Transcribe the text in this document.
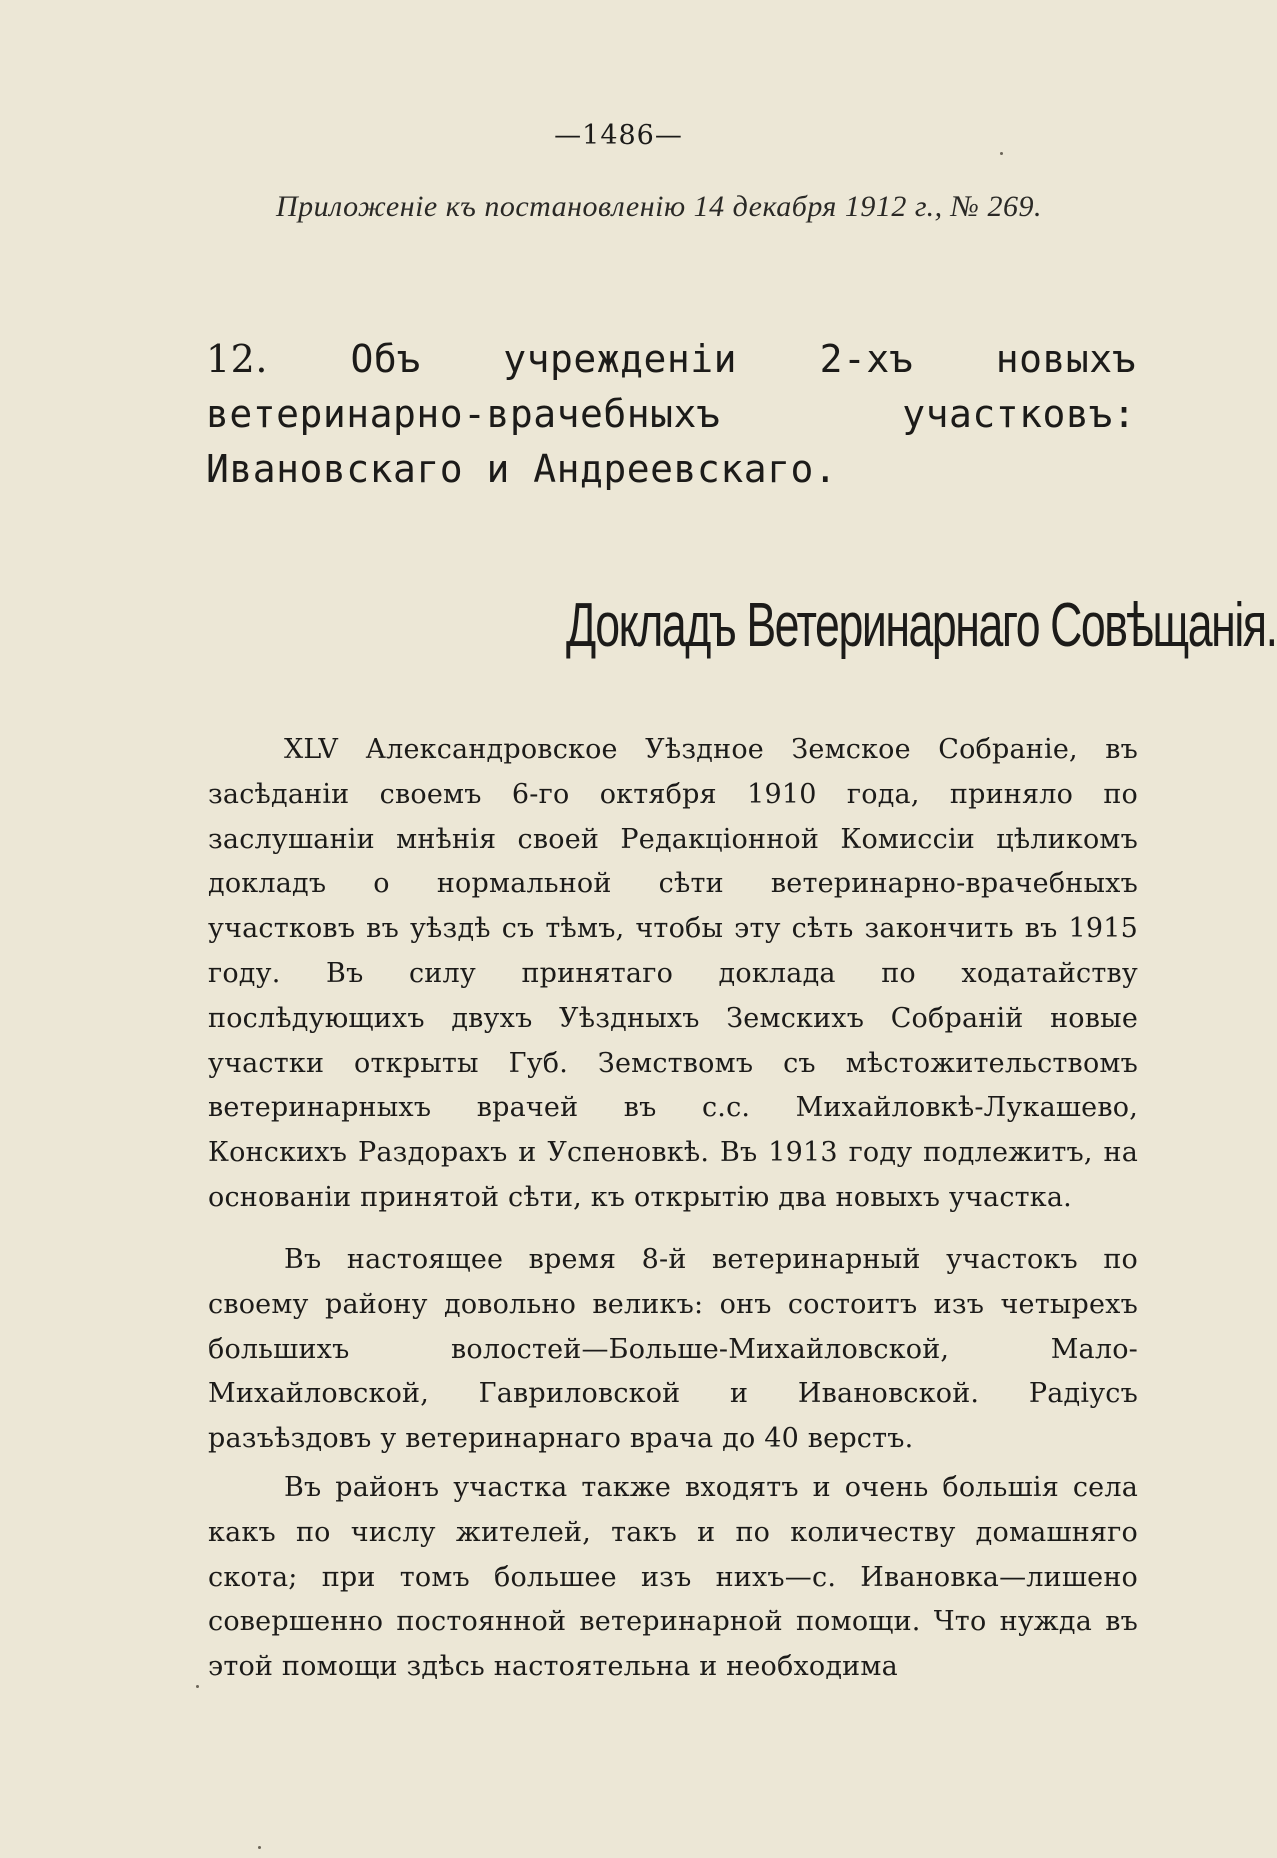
—1486—
Приложеніе къ постановленію 14 декабря 1912 г., № 269.
12. Объ учрежденіи 2-хъ новыхъ ветеринарно-врачебныхъ участковъ: Ивановскаго и Андреевскаго.
Докладъ Ветеринарнаго Совѣщанія.

XLV Александровское Уѣздное Земское Собраніе, въ засѣданіи своемъ 6-го октября 1910 года, приняло по заслушаніи мнѣнія своей Редакціонной Комиссіи цѣликомъ докладъ о нормальной сѣти ветеринарно-врачебныхъ участковъ въ уѣздѣ съ тѣмъ, чтобы эту сѣть закончить въ 1915 году. Въ силу принятаго доклада по ходатайству послѣдующихъ двухъ Уѣздныхъ Земскихъ Собраній новые участки открыты Губ. Земствомъ съ мѣстожительствомъ ветеринарныхъ врачей въ с.с. Михайловкѣ-Лукашево, Конскихъ Раздорахъ и Успеновкѣ. Въ 1913 году подлежитъ, на основаніи принятой сѣти, къ открытію два новыхъ участка.

Въ настоящее время 8-й ветеринарный участокъ по своему району довольно великъ: онъ состоитъ изъ четырехъ большихъ волостей—Больше-Михайловской, Мало-Михайловской, Гавриловской и Ивановской. Радіусъ разъѣздовъ у ветеринарнаго врача до 40 верстъ.

Въ районъ участка также входятъ и очень большія села какъ по числу жителей, такъ и по количеству домашняго скота; при томъ большее изъ нихъ—с. Ивановка—лишено совершенно постоянной ветеринарной помощи. Что нужда въ этой помощи здѣсь настоятельна и необходима
